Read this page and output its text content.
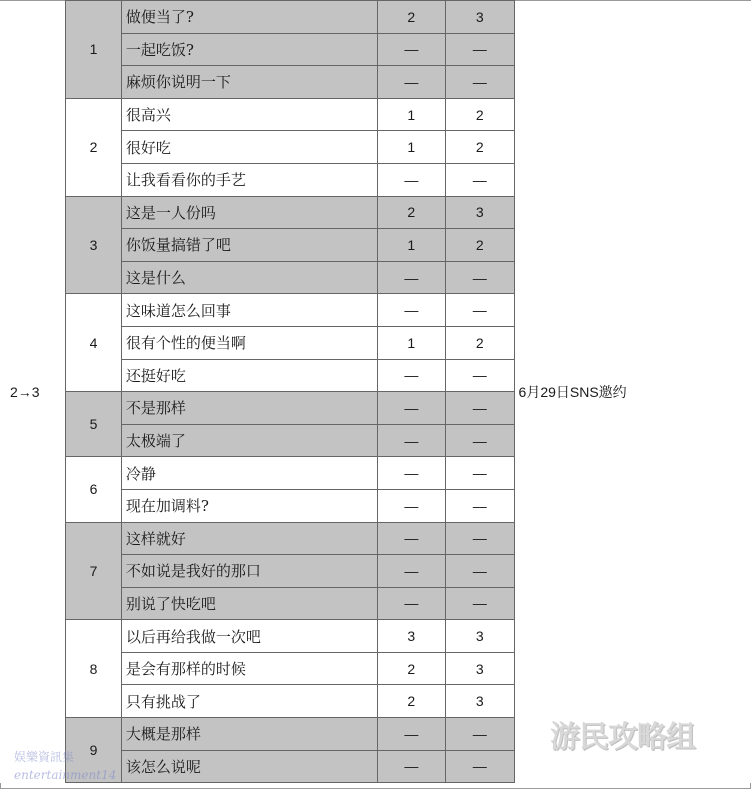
2→3	1	做便当了?	2	3	6月29日SNS邀约
		一起吃饭?	—	—	
		麻烦你说明一下	—	—	
	2	很高兴	1	2	
		很好吃	1	2	
		让我看看你的手艺	—	—	
	3	这是一人份吗	2	3	
		你饭量搞错了吧	1	2	
		这是什么	—	—	
	4	这味道怎么回事	—	—	
		很有个性的便当啊	1	2	
		还挺好吃	—	—	
	5	不是那样	—	—	
		太极端了	—	—	
	6	冷静	—	—	
		现在加调料?	—	—	
	7	这样就好	—	—	
		不如说是我好的那口	—	—	
		别说了快吃吧	—	—	
	8	以后再给我做一次吧	3	3	
		是会有那样的时候	2	3	
		只有挑战了	2	3	
	9	大概是那样	—	—	
		该怎么说呢	—	—	
娱樂資訊集
entertainment14
游民攻略组
